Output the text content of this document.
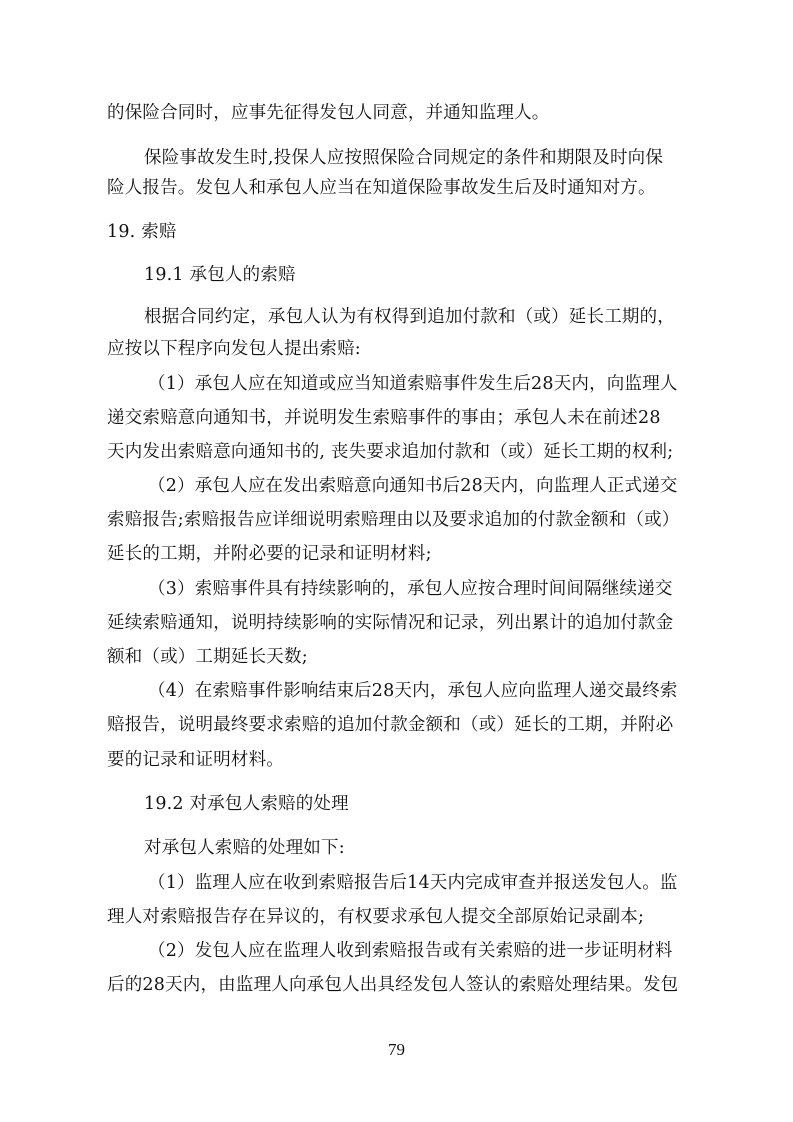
的保险合同时，应事先征得发包人同意，并通知监理人。
保险事故发生时,投保人应按照保险合同规定的条件和期限及时向保
险人报告。发包人和承包人应当在知道保险事故发生后及时通知对方。
19. 索赔
19.1 承包人的索赔
根据合同约定，承包人认为有权得到追加付款和（或）延长工期的，
应按以下程序向发包人提出索赔:
（1）承包人应在知道或应当知道索赔事件发生后28天内，向监理人
递交索赔意向通知书，并说明发生索赔事件的事由；承包人未在前述28
天内发出索赔意向通知书的, 丧失要求追加付款和（或）延长工期的权利;
（2）承包人应在发出索赔意向通知书后28天内，向监理人正式递交
索赔报告;索赔报告应详细说明索赔理由以及要求追加的付款金额和（或）
延长的工期，并附必要的记录和证明材料;
（3）索赔事件具有持续影响的，承包人应按合理时间间隔继续递交
延续索赔通知，说明持续影响的实际情况和记录，列出累计的追加付款金
额和（或）工期延长天数;
（4）在索赔事件影响结束后28天内，承包人应向监理人递交最终索
赔报告，说明最终要求索赔的追加付款金额和（或）延长的工期，并附必
要的记录和证明材料。
19.2 对承包人索赔的处理
对承包人索赔的处理如下:
（1）监理人应在收到索赔报告后14天内完成审查并报送发包人。监
理人对索赔报告存在异议的，有权要求承包人提交全部原始记录副本;
（2）发包人应在监理人收到索赔报告或有关索赔的进一步证明材料
后的28天内，由监理人向承包人出具经发包人签认的索赔处理结果。发包
79
